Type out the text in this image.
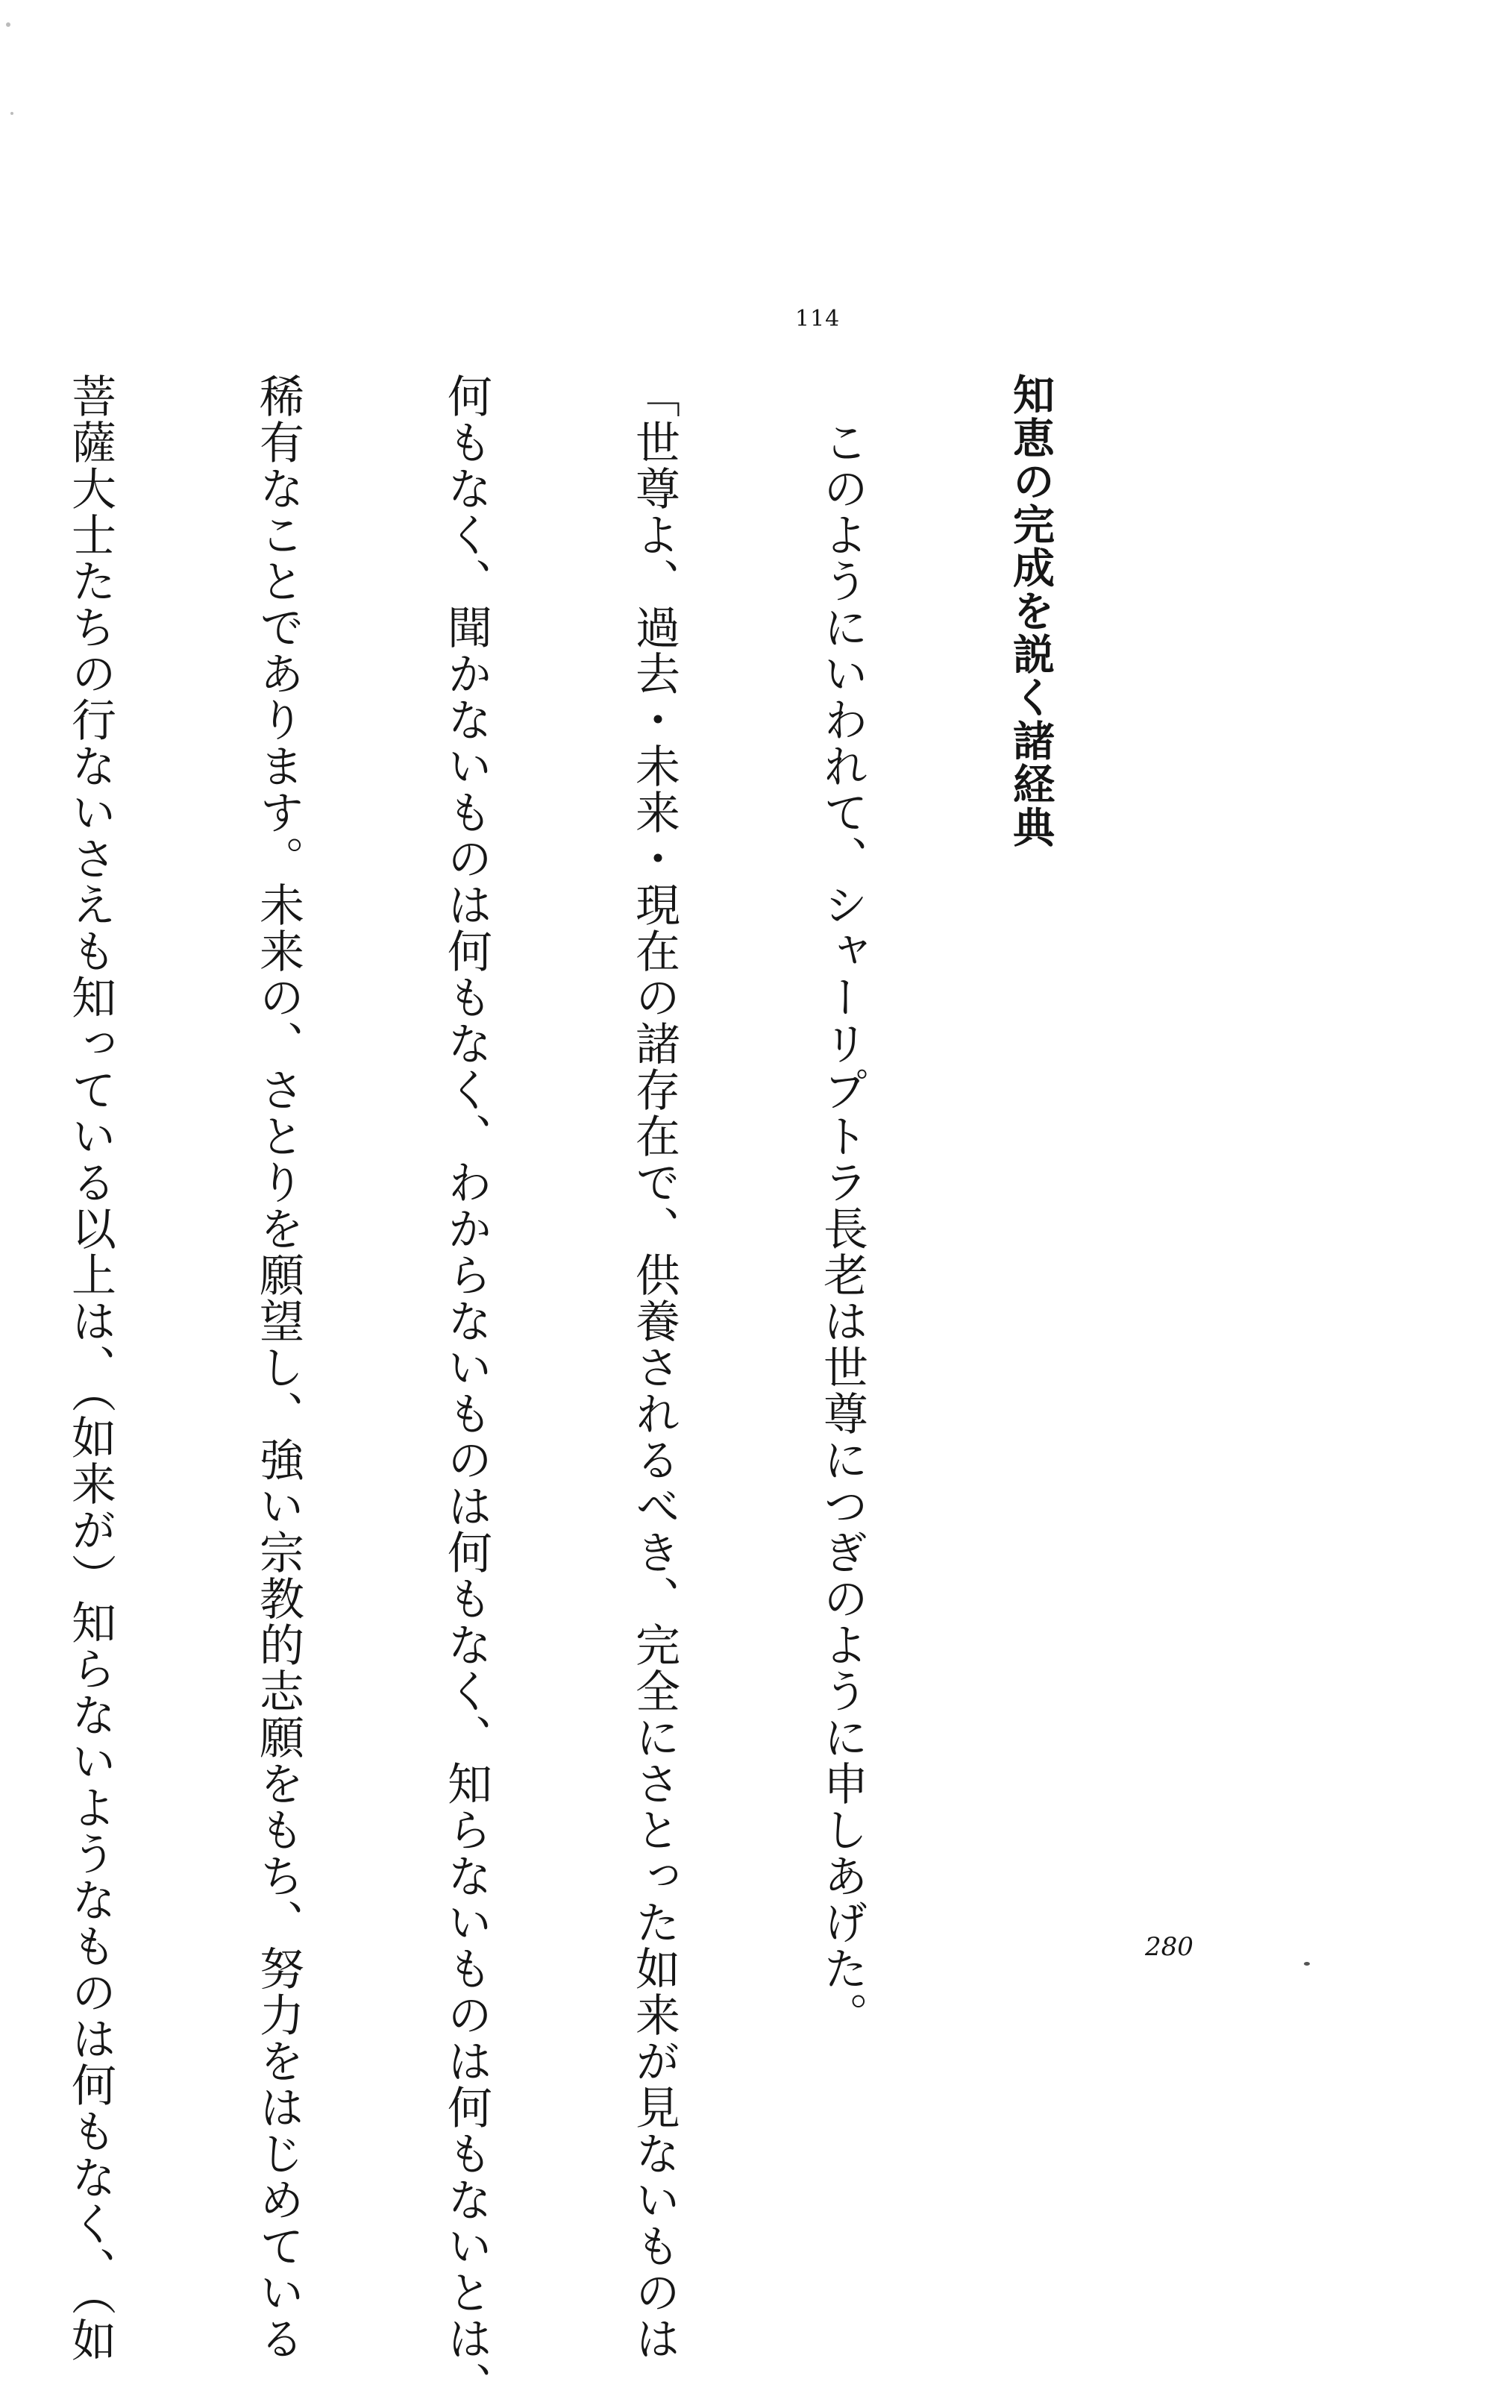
114

知恵の完成を説く諸経典

　このようにいわれて、シャーリプトラ長老は世尊につぎのように申しあげた。

「世尊よ、過去・未来・現在の諸存在で、供養されるべき、完全にさとった如来が見ないものは

何もなく、聞かないものは何もなく、わからないものは何もなく、知らないものは何もないとは、

稀有なことであります。未来の、さとりを願望し、強い宗教的志願をもち、努力をはじめている

菩薩大士たちの行ないさえも知っている以上は、（如来が）知らないようなものは何もなく、（如

	280
